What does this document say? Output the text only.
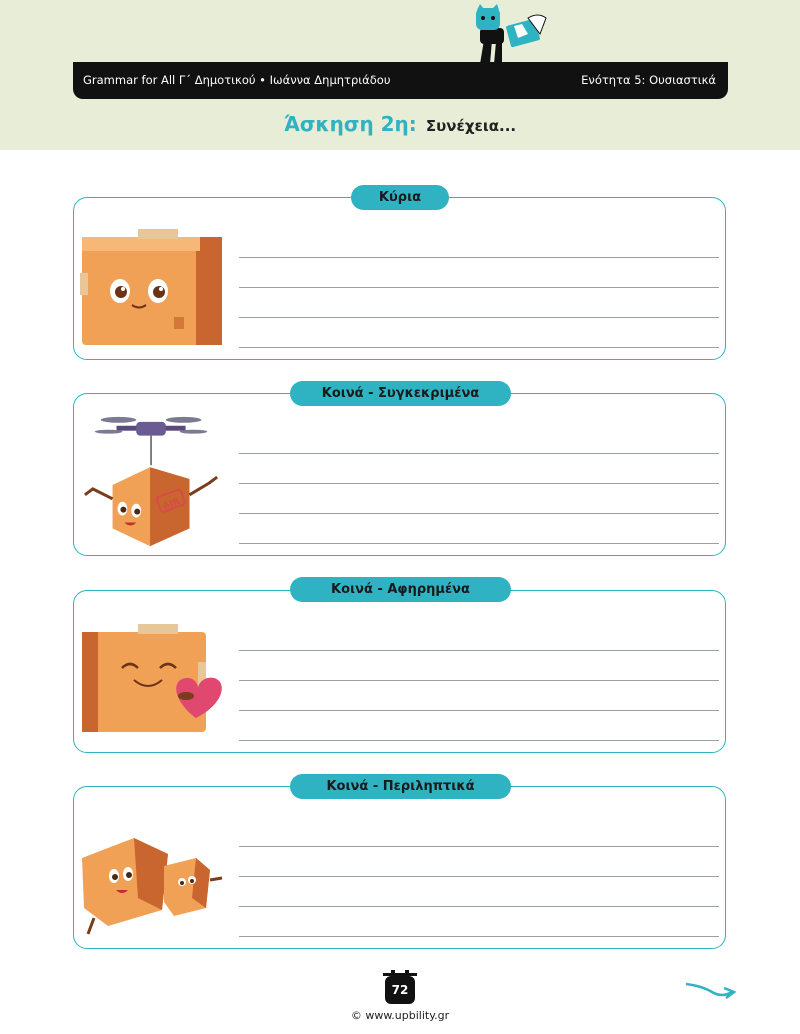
Grammar for All Γ΄ Δημοτικού • Ιωάννα Δημητριάδου	Ενότητα 5: Ουσιαστικά
Άσκηση 2η: Συνέχεια...
Κύρια
AIR
Κοινά - Συγκεκριμένα
Κοινά - Αφηρημένα
Κοινά - Περιληπτικά
72
© www.upbility.gr
